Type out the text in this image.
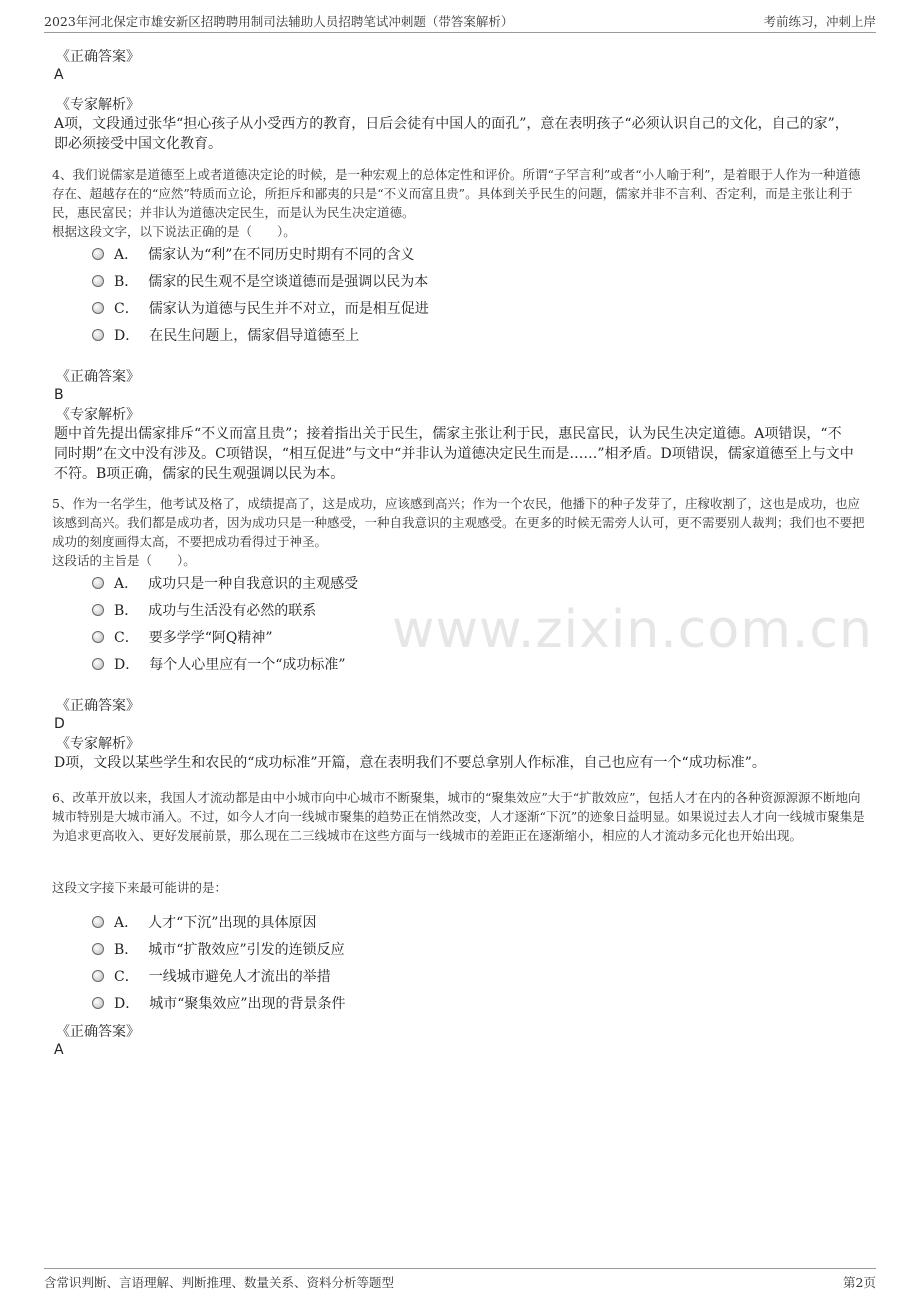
2023年河北保定市雄安新区招聘聘用制司法辅助人员招聘笔试冲刺题（带答案解析）	考前练习，冲刺上岸
www.zixin.com.cn
《正确答案》
A
《专家解析》
A项，文段通过张华“担心孩子从小受西方的教育，日后会徒有中国人的面孔”，意在表明孩子“必须认识自己的文化，自己的家”，即必须接受中国文化教育。
4、我们说儒家是道德至上或者道德决定论的时候，是一种宏观上的总体定性和评价。所谓“子罕言利”或者“小人喻于利”，是着眼于人作为一种道德存在、超越存在的“应然”特质而立论，所拒斥和鄙夷的只是“不义而富且贵”。具体到关乎民生的问题，儒家并非不言利、否定利，而是主张让利于民，惠民富民；并非认为道德决定民生，而是认为民生决定道德。
根据这段文字，以下说法正确的是（　　）。
A． 儒家认为“利”在不同历史时期有不同的含义
B． 儒家的民生观不是空谈道德而是强调以民为本
C． 儒家认为道德与民生并不对立，而是相互促进
D． 在民生问题上，儒家倡导道德至上
《正确答案》
B
《专家解析》
题中首先提出儒家排斥“不义而富且贵”；接着指出关于民生，儒家主张让利于民，惠民富民，认为民生决定道德。A项错误，“不同时期”在文中没有涉及。C项错误，“相互促进”与文中“并非认为道德决定民生而是……”相矛盾。D项错误，儒家道德至上与文中不符。B项正确，儒家的民生观强调以民为本。
5、作为一名学生，他考试及格了，成绩提高了，这是成功，应该感到高兴；作为一个农民，他播下的种子发芽了，庄稼收割了，这也是成功，也应该感到高兴。我们都是成功者，因为成功只是一种感受，一种自我意识的主观感受。在更多的时候无需旁人认可，更不需要别人裁判；我们也不要把成功的刻度画得太高，不要把成功看得过于神圣。
这段话的主旨是（　　）。
A． 成功只是一种自我意识的主观感受
B． 成功与生活没有必然的联系
C． 要多学学“阿Q精神”
D． 每个人心里应有一个“成功标准”
《正确答案》
D
《专家解析》
D项，文段以某些学生和农民的“成功标准”开篇，意在表明我们不要总拿别人作标准，自己也应有一个“成功标准”。
6、改革开放以来，我国人才流动都是由中小城市向中心城市不断聚集，城市的“聚集效应”大于“扩散效应”，包括人才在内的各种资源源源不断地向城市特别是大城市涌入。不过，如今人才向一线城市聚集的趋势正在悄然改变，人才逐渐“下沉”的迹象日益明显。如果说过去人才向一线城市聚集是为追求更高收入、更好发展前景，那么现在二三线城市在这些方面与一线城市的差距正在逐渐缩小，相应的人才流动多元化也开始出现。
这段文字接下来最可能讲的是：
A． 人才“下沉”出现的具体原因
B． 城市“扩散效应”引发的连锁反应
C． 一线城市避免人才流出的举措
D． 城市“聚集效应”出现的背景条件
《正确答案》
A
含常识判断、言语理解、判断推理、数量关系、资料分析等题型	第2页
